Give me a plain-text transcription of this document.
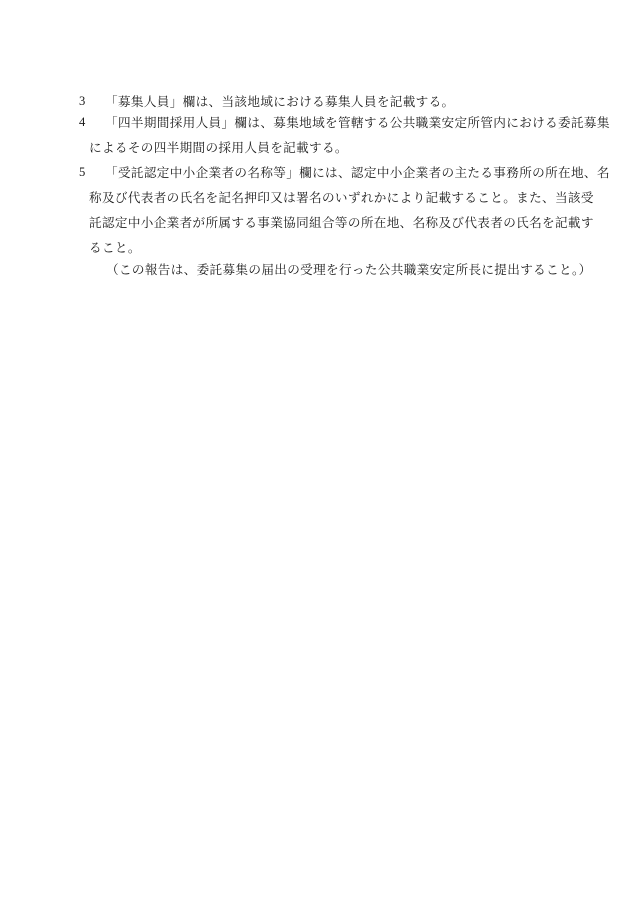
3	「募集人員」欄は、当該地域における募集人員を記載する。
4	「四半期間採用人員」欄は、募集地域を管轄する公共職業安定所管内における委託募集
によるその四半期間の採用人員を記載する。
5	「受託認定中小企業者の名称等」欄には、認定中小企業者の主たる事務所の所在地、名
称及び代表者の氏名を記名押印又は署名のいずれかにより記載すること。また、当該受
託認定中小企業者が所属する事業協同組合等の所在地、名称及び代表者の氏名を記載す
ること。
（この報告は、委託募集の届出の受理を行った公共職業安定所長に提出すること。）
